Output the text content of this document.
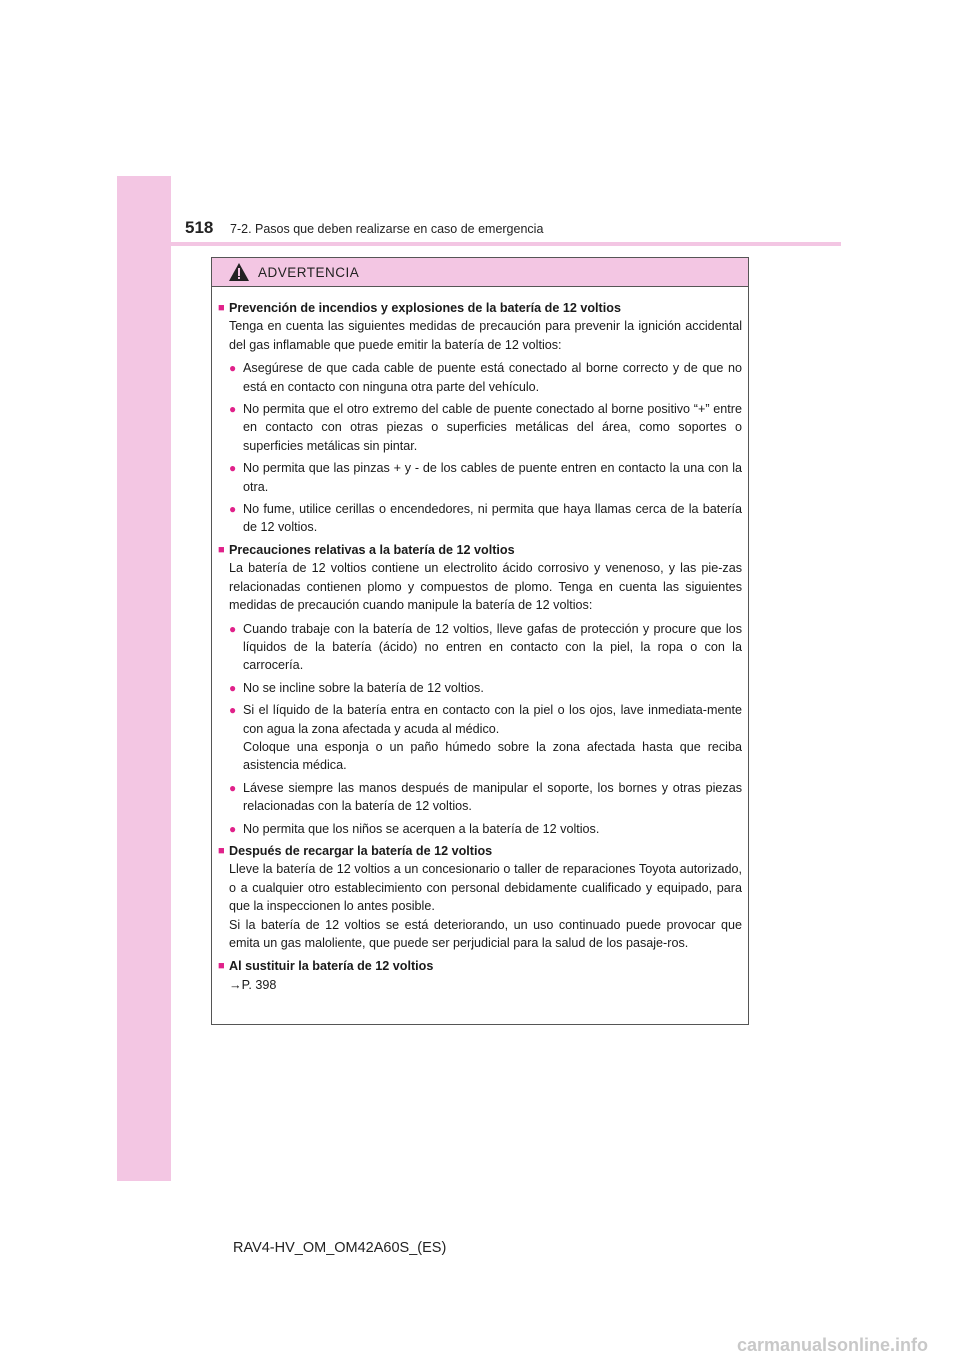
518 7-2. Pasos que deben realizarse en caso de emergencia
ADVERTENCIA
■ Prevención de incendios y explosiones de la batería de 12 voltios
Tenga en cuenta las siguientes medidas de precaución para prevenir la ignición accidental del gas inflamable que puede emitir la batería de 12 voltios:
● Asegúrese de que cada cable de puente está conectado al borne correcto y de que no está en contacto con ninguna otra parte del vehículo.
● No permita que el otro extremo del cable de puente conectado al borne positivo “+” entre en contacto con otras piezas o superficies metálicas del área, como soportes o superficies metálicas sin pintar.
● No permita que las pinzas + y - de los cables de puente entren en contacto la una con la otra.
● No fume, utilice cerillas o encendedores, ni permita que haya llamas cerca de la batería de 12 voltios.
■ Precauciones relativas a la batería de 12 voltios
La batería de 12 voltios contiene un electrolito ácido corrosivo y venenoso, y las pie-zas relacionadas contienen plomo y compuestos de plomo. Tenga en cuenta las siguientes medidas de precaución cuando manipule la batería de 12 voltios:
● Cuando trabaje con la batería de 12 voltios, lleve gafas de protección y procure que los líquidos de la batería (ácido) no entren en contacto con la piel, la ropa o con la carrocería.
● No se incline sobre la batería de 12 voltios.
● Si el líquido de la batería entra en contacto con la piel o los ojos, lave inmediata-mente con agua la zona afectada y acuda al médico.
Coloque una esponja o un paño húmedo sobre la zona afectada hasta que reciba asistencia médica.
● Lávese siempre las manos después de manipular el soporte, los bornes y otras piezas relacionadas con la batería de 12 voltios.
● No permita que los niños se acerquen a la batería de 12 voltios.
■ Después de recargar la batería de 12 voltios
Lleve la batería de 12 voltios a un concesionario o taller de reparaciones Toyota autorizado, o a cualquier otro establecimiento con personal debidamente cualificado y equipado, para que la inspeccionen lo antes posible.
Si la batería de 12 voltios se está deteriorando, un uso continuado puede provocar que emita un gas maloliente, que puede ser perjudicial para la salud de los pasaje-ros.
■ Al sustituir la batería de 12 voltios
→P. 398
RAV4-HV_OM_OM42A60S_(ES)
carmanualsonline.info
